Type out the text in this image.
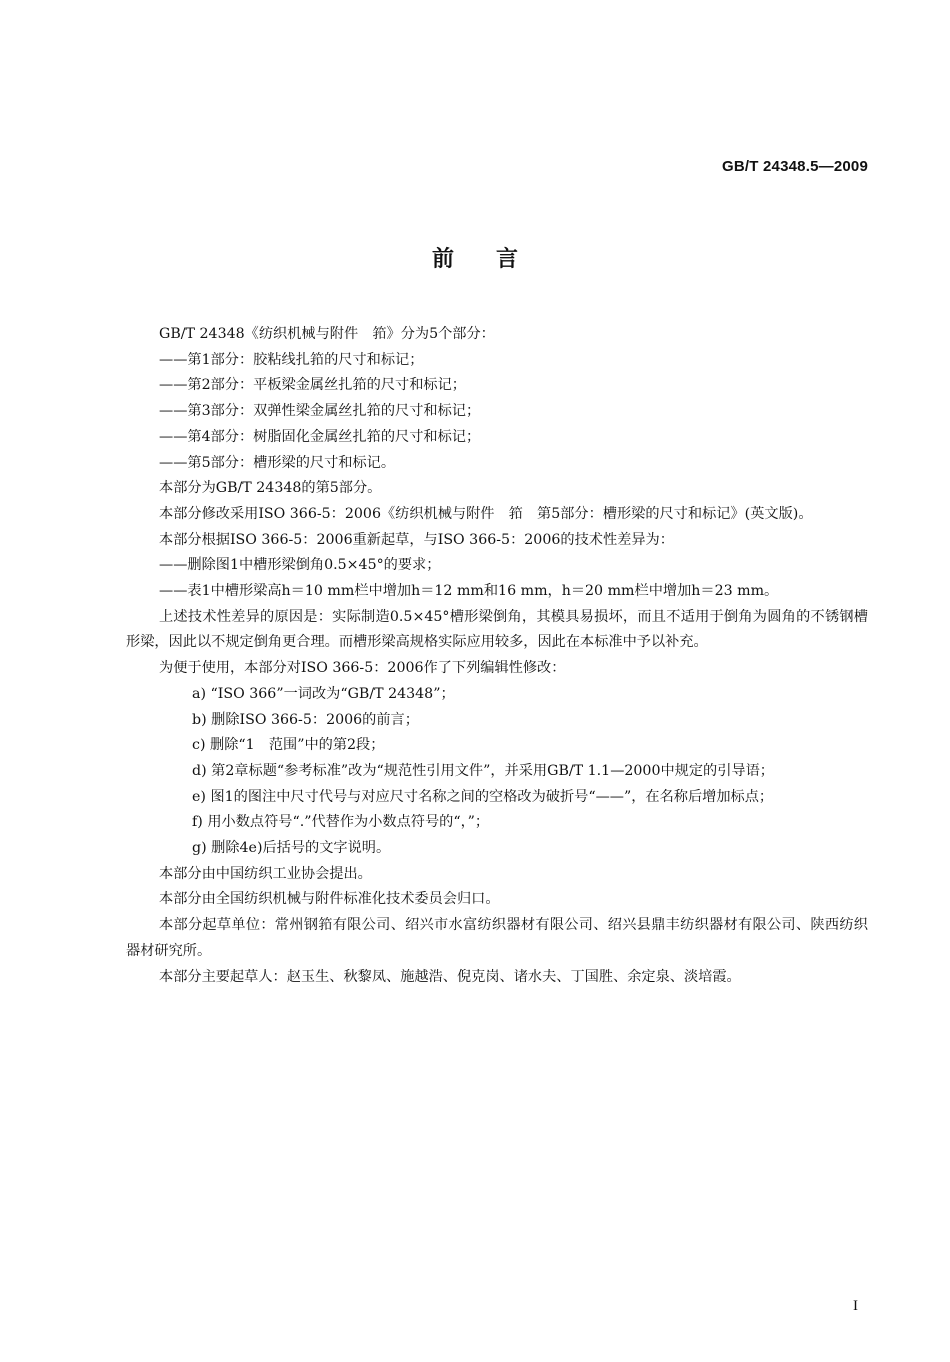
GB/T 24348.5—2009
前言

GB/T 24348《纺织机械与附件　筘》分为5个部分：

——第1部分：胶粘线扎筘的尺寸和标记；

——第2部分：平板梁金属丝扎筘的尺寸和标记；

——第3部分：双弹性梁金属丝扎筘的尺寸和标记；

——第4部分：树脂固化金属丝扎筘的尺寸和标记；

——第5部分：槽形梁的尺寸和标记。

本部分为GB/T 24348的第5部分。

本部分修改采用ISO 366-5：2006《纺织机械与附件　筘　第5部分：槽形梁的尺寸和标记》(英文版)。

本部分根据ISO 366-5：2006重新起草，与ISO 366-5：2006的技术性差异为：

——删除图1中槽形梁倒角0.5×45°的要求；

——表1中槽形梁高h＝10 mm栏中增加h＝12 mm和16 mm，h＝20 mm栏中增加h＝23 mm。

上述技术性差异的原因是：实际制造0.5×45°槽形梁倒角，其模具易损坏，而且不适用于倒角为圆角的不锈钢槽形梁，因此以不规定倒角更合理。而槽形梁高规格实际应用较多，因此在本标准中予以补充。

为便于使用，本部分对ISO 366-5：2006作了下列编辑性修改：

a) “ISO 366”一词改为“GB/T 24348”；

b) 删除ISO 366-5：2006的前言；

c) 删除“1　范围”中的第2段；

d) 第2章标题“参考标准”改为“规范性引用文件”，并采用GB/T 1.1—2000中规定的引导语；

e) 图1的图注中尺寸代号与对应尺寸名称之间的空格改为破折号“——”，在名称后增加标点；

f) 用小数点符号“.”代替作为小数点符号的“，”；

g) 删除4e)后括号的文字说明。

本部分由中国纺织工业协会提出。

本部分由全国纺织机械与附件标准化技术委员会归口。

本部分起草单位：常州钢筘有限公司、绍兴市水富纺织器材有限公司、绍兴县鼎丰纺织器材有限公司、陕西纺织器材研究所。

本部分主要起草人：赵玉生、秋黎凤、施越浩、倪克岗、诸水夫、丁国胜、余定泉、淡培霞。

I
